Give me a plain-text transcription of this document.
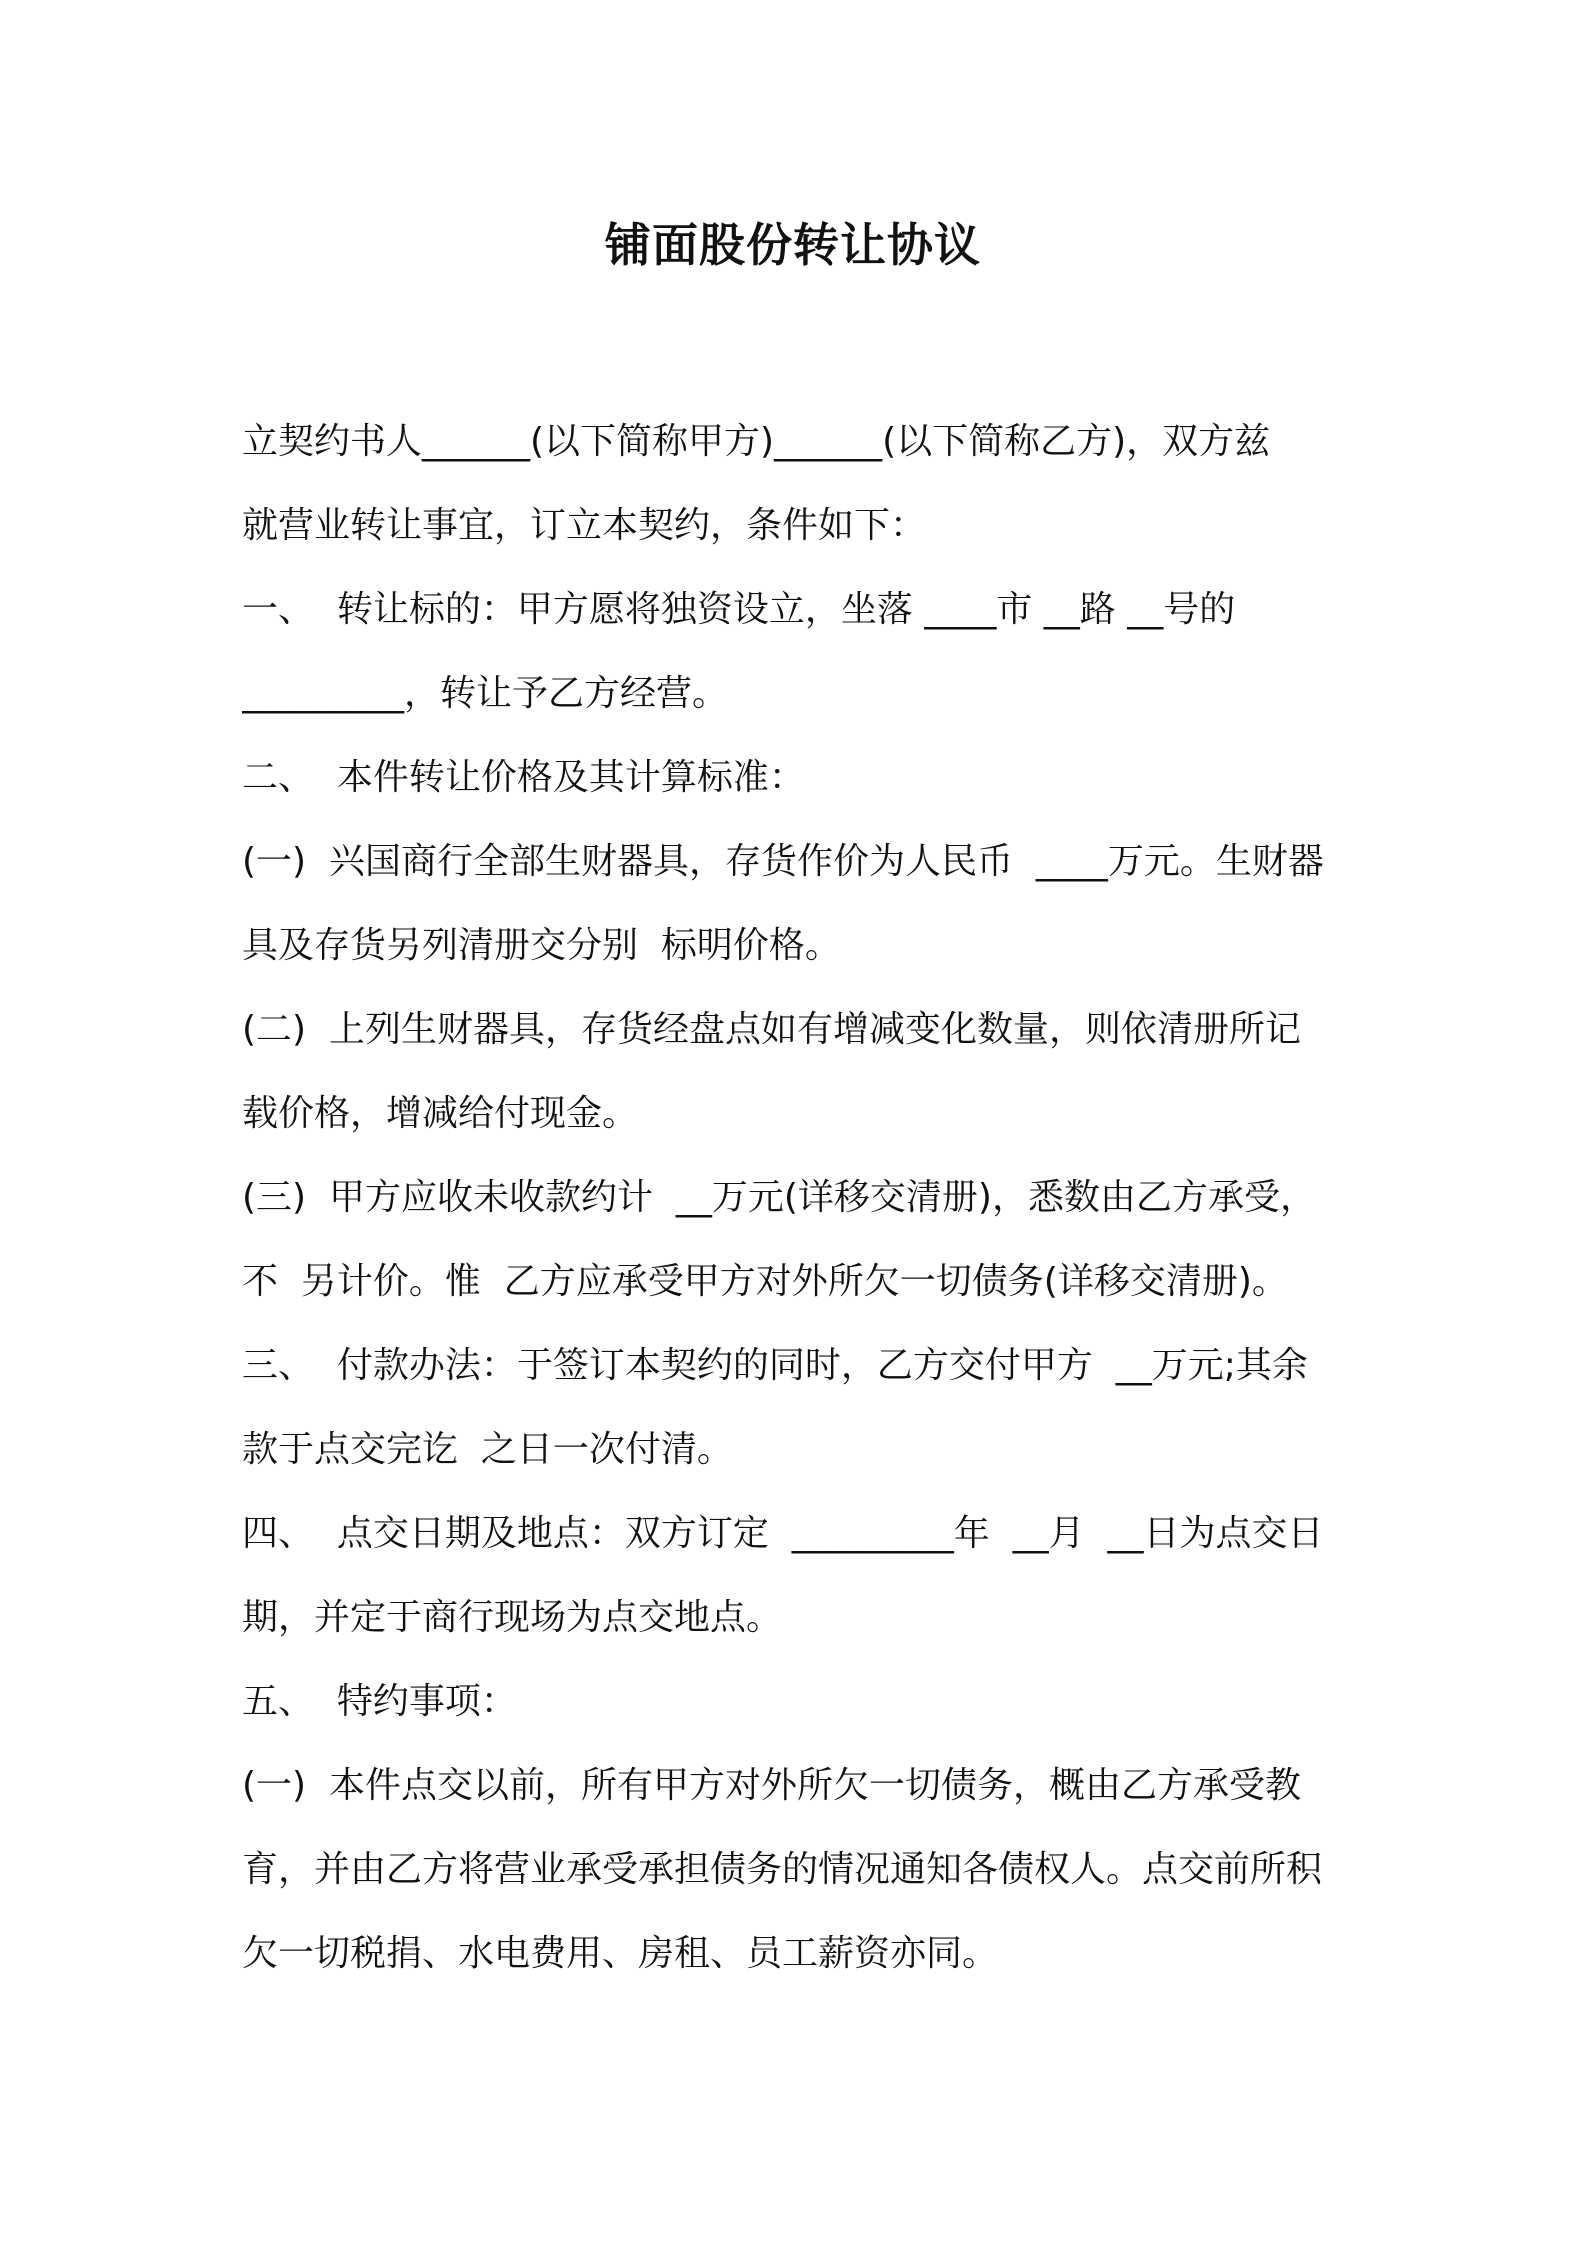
铺面股份转让协议
立契约书人______(以下简称甲方)______(以下简称乙方)，双方兹
就营业转让事宜，订立本契约，条件如下：
一、  转让标的：甲方愿将独资设立，坐落 ____市 __路 __号的
_________，转让予乙方经营。
二、  本件转让价格及其计算标准：
(一)  兴国商行全部生财器具，存货作价为人民币  ____万元。生财器
具及存货另列清册交分别  标明价格。
(二)  上列生财器具，存货经盘点如有增减变化数量，则依清册所记
载价格，增减给付现金。
(三)  甲方应收未收款约计  __万元(详移交清册)，悉数由乙方承受，
不  另计价。惟  乙方应承受甲方对外所欠一切债务(详移交清册)。
三、  付款办法：于签订本契约的同时，乙方交付甲方  __万元;其余
款于点交完讫  之日一次付清。
四、  点交日期及地点：双方订定  _________年  __月  __日为点交日
期，并定于商行现场为点交地点。
五、  特约事项：
(一)  本件点交以前，所有甲方对外所欠一切债务，概由乙方承受教
育，并由乙方将营业承受承担债务的情况通知各债权人。点交前所积
欠一切税捐、水电费用、房租、员工薪资亦同。
